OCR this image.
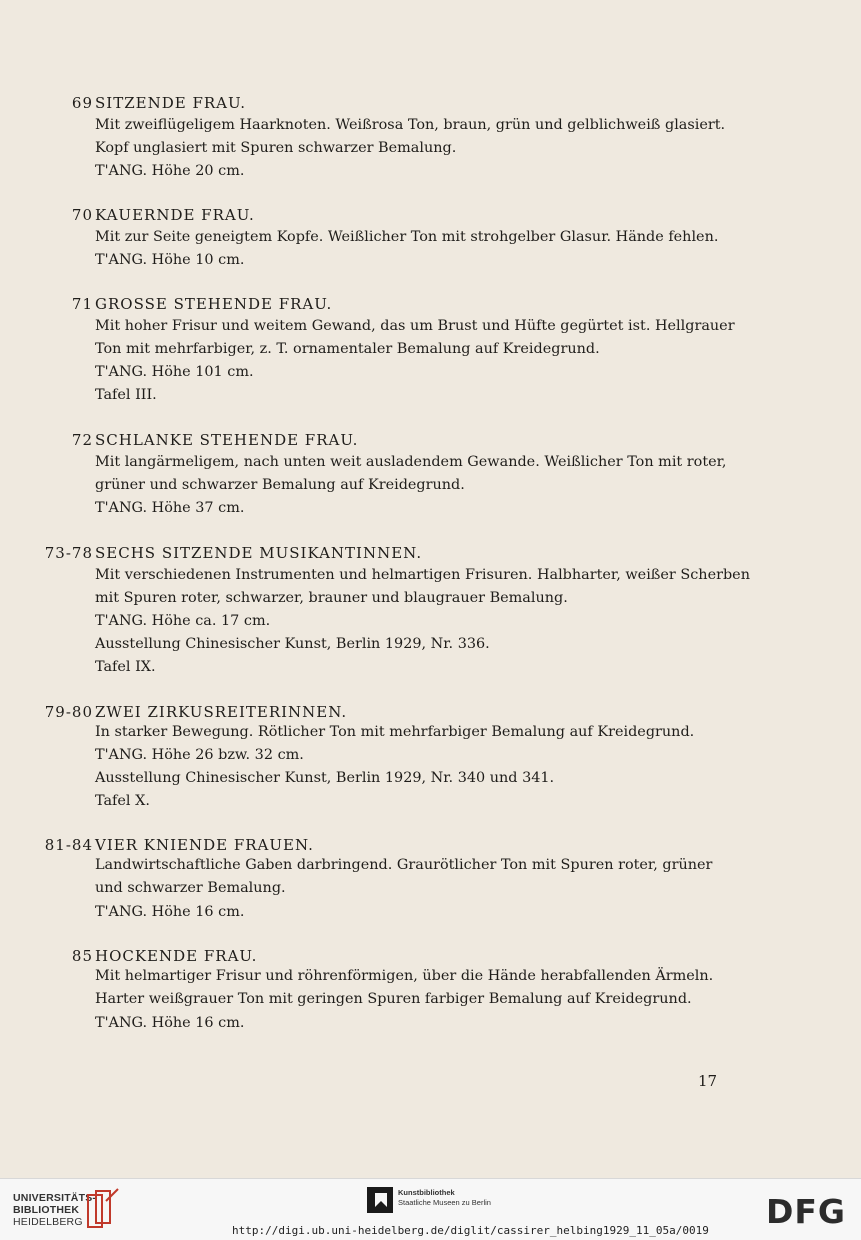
69 SITZENDE FRAU.
Mit zweiflügeligem Haarknoten. Weißrosa Ton, braun, grün und gelblichweiß glasiert.
Kopf unglasiert mit Spuren schwarzer Bemalung.
T'ANG. Höhe 20 cm.
70 KAUERNDE FRAU.
Mit zur Seite geneigtem Kopfe. Weißlicher Ton mit strohgelber Glasur. Hände fehlen.
T'ANG. Höhe 10 cm.
71 GROSSE STEHENDE FRAU.
Mit hoher Frisur und weitem Gewand, das um Brust und Hüfte gegürtet ist. Hellgrauer
Ton mit mehrfarbiger, z. T. ornamentaler Bemalung auf Kreidegrund.
T'ANG. Höhe 101 cm.
Tafel III.
72 SCHLANKE STEHENDE FRAU.
Mit langärmeligem, nach unten weit ausladendem Gewande. Weißlicher Ton mit roter,
grüner und schwarzer Bemalung auf Kreidegrund.
T'ANG. Höhe 37 cm.
73-78 SECHS SITZENDE MUSIKANTINNEN.
Mit verschiedenen Instrumenten und helmartigen Frisuren. Halbharter, weißer Scherben
mit Spuren roter, schwarzer, brauner und blaugrauer Bemalung.
T'ANG. Höhe ca. 17 cm.
Ausstellung Chinesischer Kunst, Berlin 1929, Nr. 336.
Tafel IX.
79-80 ZWEI ZIRKUSREITERINNEN.
In starker Bewegung. Rötlicher Ton mit mehrfarbiger Bemalung auf Kreidegrund.
T'ANG. Höhe 26 bzw. 32 cm.
Ausstellung Chinesischer Kunst, Berlin 1929, Nr. 340 und 341.
Tafel X.
81-84 VIER KNIENDE FRAUEN.
Landwirtschaftliche Gaben darbringend. Graurötlicher Ton mit Spuren roter, grüner
und schwarzer Bemalung.
T'ANG. Höhe 16 cm.
85 HOCKENDE FRAU.
Mit helmartiger Frisur und röhrenförmigen, über die Hände herabfallenden Ärmeln.
Harter weißgrauer Ton mit geringen Spuren farbiger Bemalung auf Kreidegrund.
T'ANG. Höhe 16 cm.
17
UNIVERSITÄTS-
BIBLIOTHEK
HEIDELBERG
Kunstbibliothek
Staatliche Museen zu Berlin	DFG
http://digi.ub.uni-heidelberg.de/diglit/cassirer_helbing1929_11_05a/0019
